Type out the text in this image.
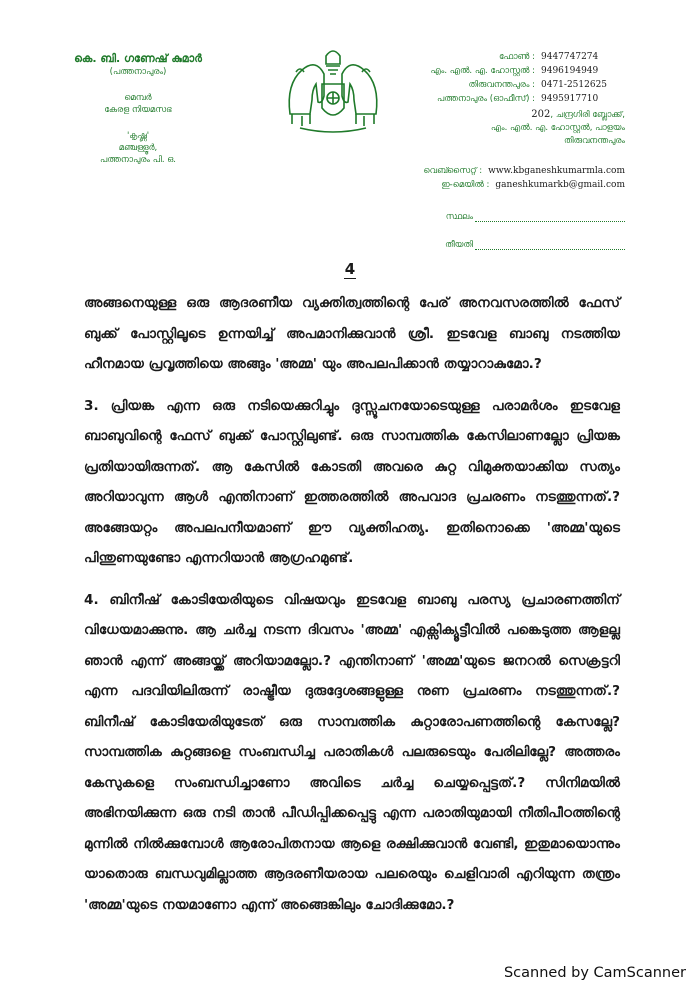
കെ. ബി. ഗണേഷ് കുമാർ
(പത്തനാപുരം)
മെമ്പർ
കേരള നിയമസഭ
'കൃഷ്ണ'
മഞ്ചള്ളൂർ,
പത്തനാപുരം പി. ഒ.
ഫോൺ : 9447747274
എം. എൽ. എ. ഹോസ്റ്റൽ : 9496194949
തിരുവനന്തപുരം : 0471-2512625
പത്തനാപുരം (ഓഫീസ്) : 9495917710
202, ചന്ദ്രഗിരി ബ്ലോക്ക്,
എം. എൽ. എ. ഹോസ്റ്റൽ, പാളയം
തിരുവനന്തപുരം
വെബ്സൈറ്റ് : www.kbganeshkumarmla.com
ഇ-മെയിൽ : ganeshkumarkb@gmail.com
സ്ഥലം
തീയതി
4

അങ്ങനെയുള്ള ഒരു ആദരണീയ വ്യക്തിത്വത്തിന്റെ പേര് അനവസരത്തിൽ ഫേസ് ബുക്ക് പോസ്റ്റിലൂടെ ഉന്നയിച്ച് അപമാനിക്കുവാൻ ശ്രീ. ഇടവേള ബാബു നടത്തിയ ഹീനമായ പ്രവൃത്തിയെ അങ്ങും 'അമ്മ' യും അപലപിക്കാൻ തയ്യാറാകുമോ.?

3. പ്രിയങ്ക എന്ന ഒരു നടിയെക്കുറിച്ചും ദുസ്സൂചനയോടെയുള്ള പരാമർശം ഇടവേള ബാബുവിന്റെ ഫേസ് ബുക്ക് പോസ്റ്റിലുണ്ട്. ഒരു സാമ്പത്തിക കേസിലാണല്ലോ പ്രിയങ്ക പ്രതിയായിരുന്നത്. ആ കേസിൽ കോടതി അവരെ കുറ്റ വിമുക്തയാക്കിയ സത്യം അറിയാവുന്ന ആൾ എന്തിനാണ് ഇത്തരത്തിൽ അപവാദ പ്രചരണം നടത്തുന്നത്.? അങ്ങേയറ്റം അപലപനീയമാണ് ഈ വ്യക്തിഹത്യ. ഇതിനൊക്കെ 'അമ്മ'യുടെ പിന്തുണയുണ്ടോ എന്നറിയാൻ ആഗ്രഹമുണ്ട്.

4. ബിനീഷ് കോടിയേരിയുടെ വിഷയവും ഇടവേള ബാബു പരസ്യ പ്രചാരണത്തിന് വിധേയമാക്കുന്നു. ആ ചർച്ച നടന്ന ദിവസം 'അമ്മ' എക്സിക്യൂട്ടീവിൽ പങ്കെടുത്ത ആളല്ല ഞാൻ എന്ന് അങ്ങയ്ക്ക് അറിയാമല്ലോ.? എന്തിനാണ് 'അമ്മ'യുടെ ജനറൽ സെക്രട്ടറി എന്ന പദവിയിലിരുന്ന് രാഷ്ട്രീയ ദുരുദ്ദേശങ്ങളുള്ള നുണ പ്രചരണം നടത്തുന്നത്.? ബിനീഷ് കോടിയേരിയുടേത് ഒരു സാമ്പത്തിക കുറ്റാരോപണത്തിന്റെ കേസല്ലേ? സാമ്പത്തിക കുറ്റങ്ങളെ സംബന്ധിച്ച പരാതികൾ പലരുടെയും പേരിലില്ലേ? അത്തരം കേസുകളെ സംബന്ധിച്ചാണോ അവിടെ ചർച്ച ചെയ്യപ്പെട്ടത്.? സിനിമയിൽ അഭിനയിക്കുന്ന ഒരു നടി താൻ പീഡിപ്പിക്കപ്പെട്ടു എന്ന പരാതിയുമായി നീതിപീഠത്തിന്റെ മുന്നിൽ നിൽക്കുമ്പോൾ ആരോപിതനായ ആളെ രക്ഷിക്കുവാൻ വേണ്ടി, ഇതുമായൊന്നും യാതൊരു ബന്ധവുമില്ലാത്ത ആദരണീയരായ പലരെയും ചെളിവാരി എറിയുന്ന തന്ത്രം 'അമ്മ'യുടെ നയമാണോ എന്ന് അങ്ങെങ്കിലും ചോദിക്കുമോ.?

Scanned by CamScanner
